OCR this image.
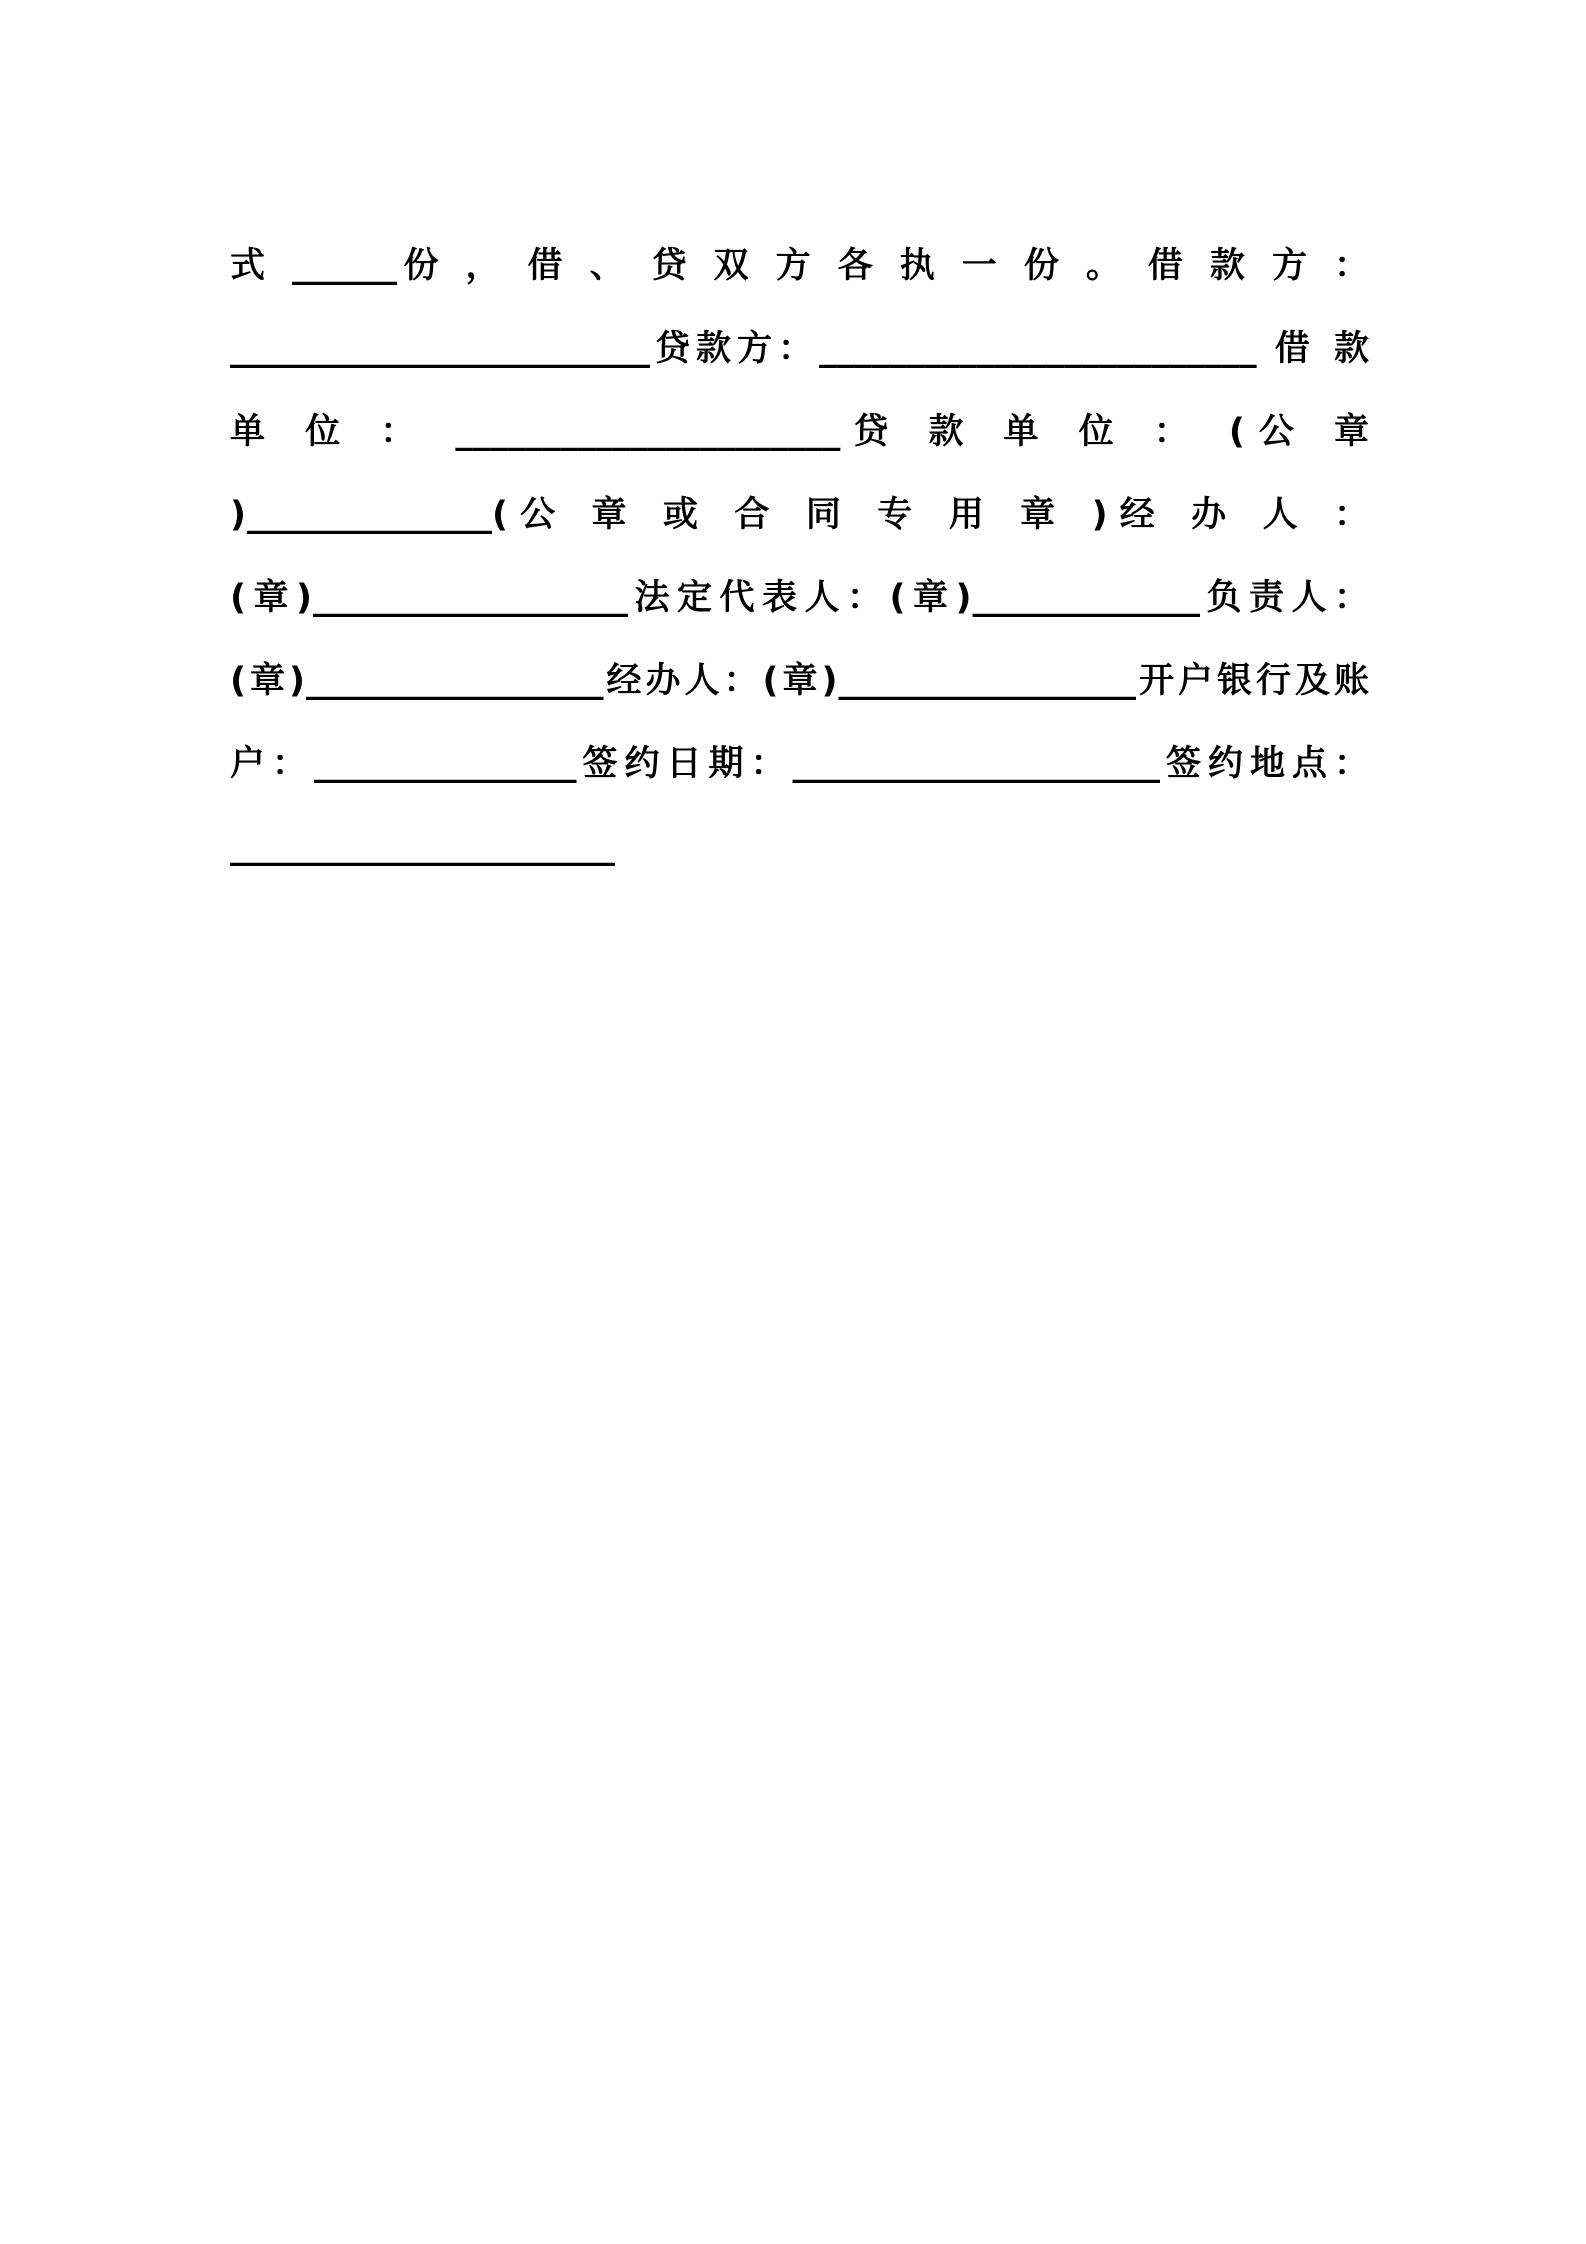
式 ______份 ， 借 、 贷 双 方 各 执 一 份 。 借 款 方 ： ________________________贷款方：_________________________ 借 款 单 位 ： ______________________贷 款 单 位 ： (公 章 )______________(公 章 或 合 同 专 用 章 )经 办 人 ： (章)__________________法定代表人：(章)_____________负责人：(章)_________________经办人：(章)_________________开户银行及账户：_______________签约日期：_____________________签约地点：______________________
